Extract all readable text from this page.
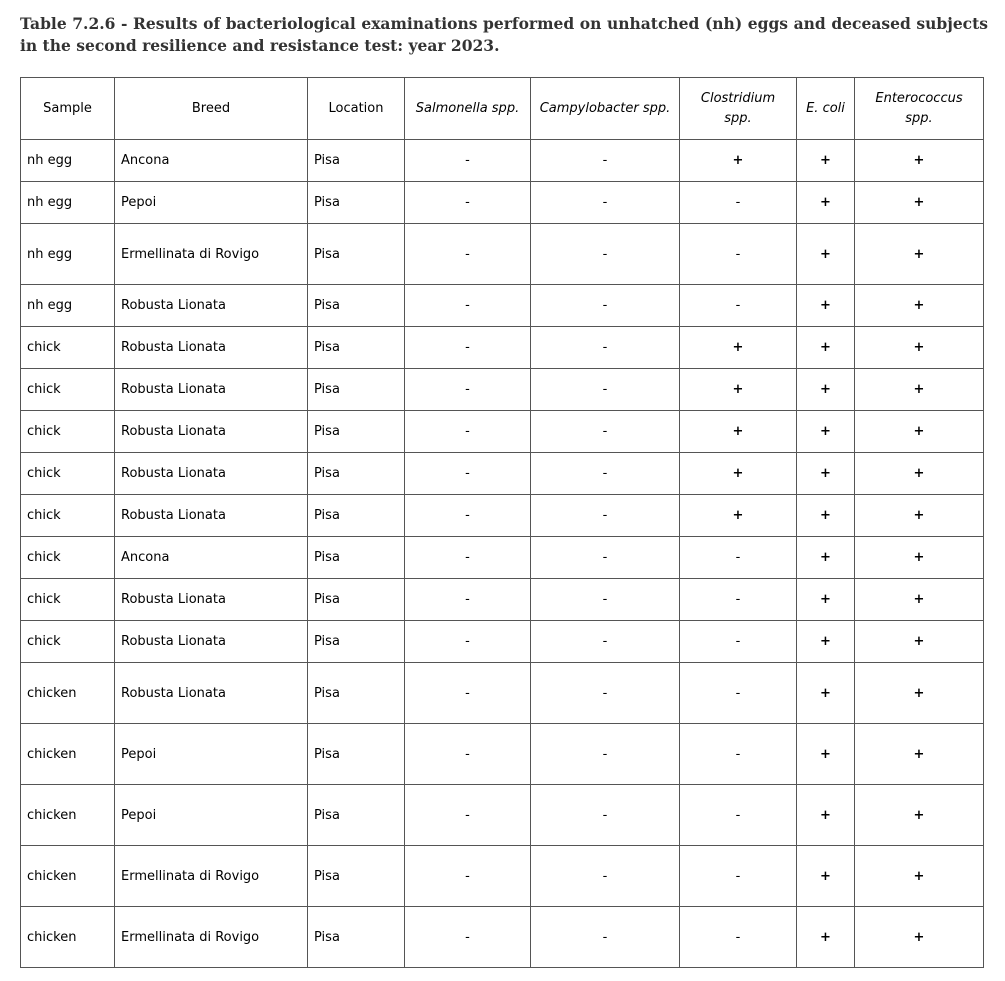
Table 7.2.6 - Results of bacteriological examinations performed on unhatched (nh) eggs and deceased subjects in the second resilience and resistance test: year 2023.
Sample	Breed	Location	Salmonella spp.	Campylobacter spp.	Clostridium spp.	E. coli	Enterococcus spp.
nh egg	Ancona	Pisa	-	-	+	+	+
nh egg	Pepoi	Pisa	-	-	-	+	+
nh egg	Ermellinata di Rovigo	Pisa	-	-	-	+	+
nh egg	Robusta Lionata	Pisa	-	-	-	+	+
chick	Robusta Lionata	Pisa	-	-	+	+	+
chick	Robusta Lionata	Pisa	-	-	+	+	+
chick	Robusta Lionata	Pisa	-	-	+	+	+
chick	Robusta Lionata	Pisa	-	-	+	+	+
chick	Robusta Lionata	Pisa	-	-	+	+	+
chick	Ancona	Pisa	-	-	-	+	+
chick	Robusta Lionata	Pisa	-	-	-	+	+
chick	Robusta Lionata	Pisa	-	-	-	+	+
chicken	Robusta Lionata	Pisa	-	-	-	+	+
chicken	Pepoi	Pisa	-	-	-	+	+
chicken	Pepoi	Pisa	-	-	-	+	+
chicken	Ermellinata di Rovigo	Pisa	-	-	-	+	+
chicken	Ermellinata di Rovigo	Pisa	-	-	-	+	+
